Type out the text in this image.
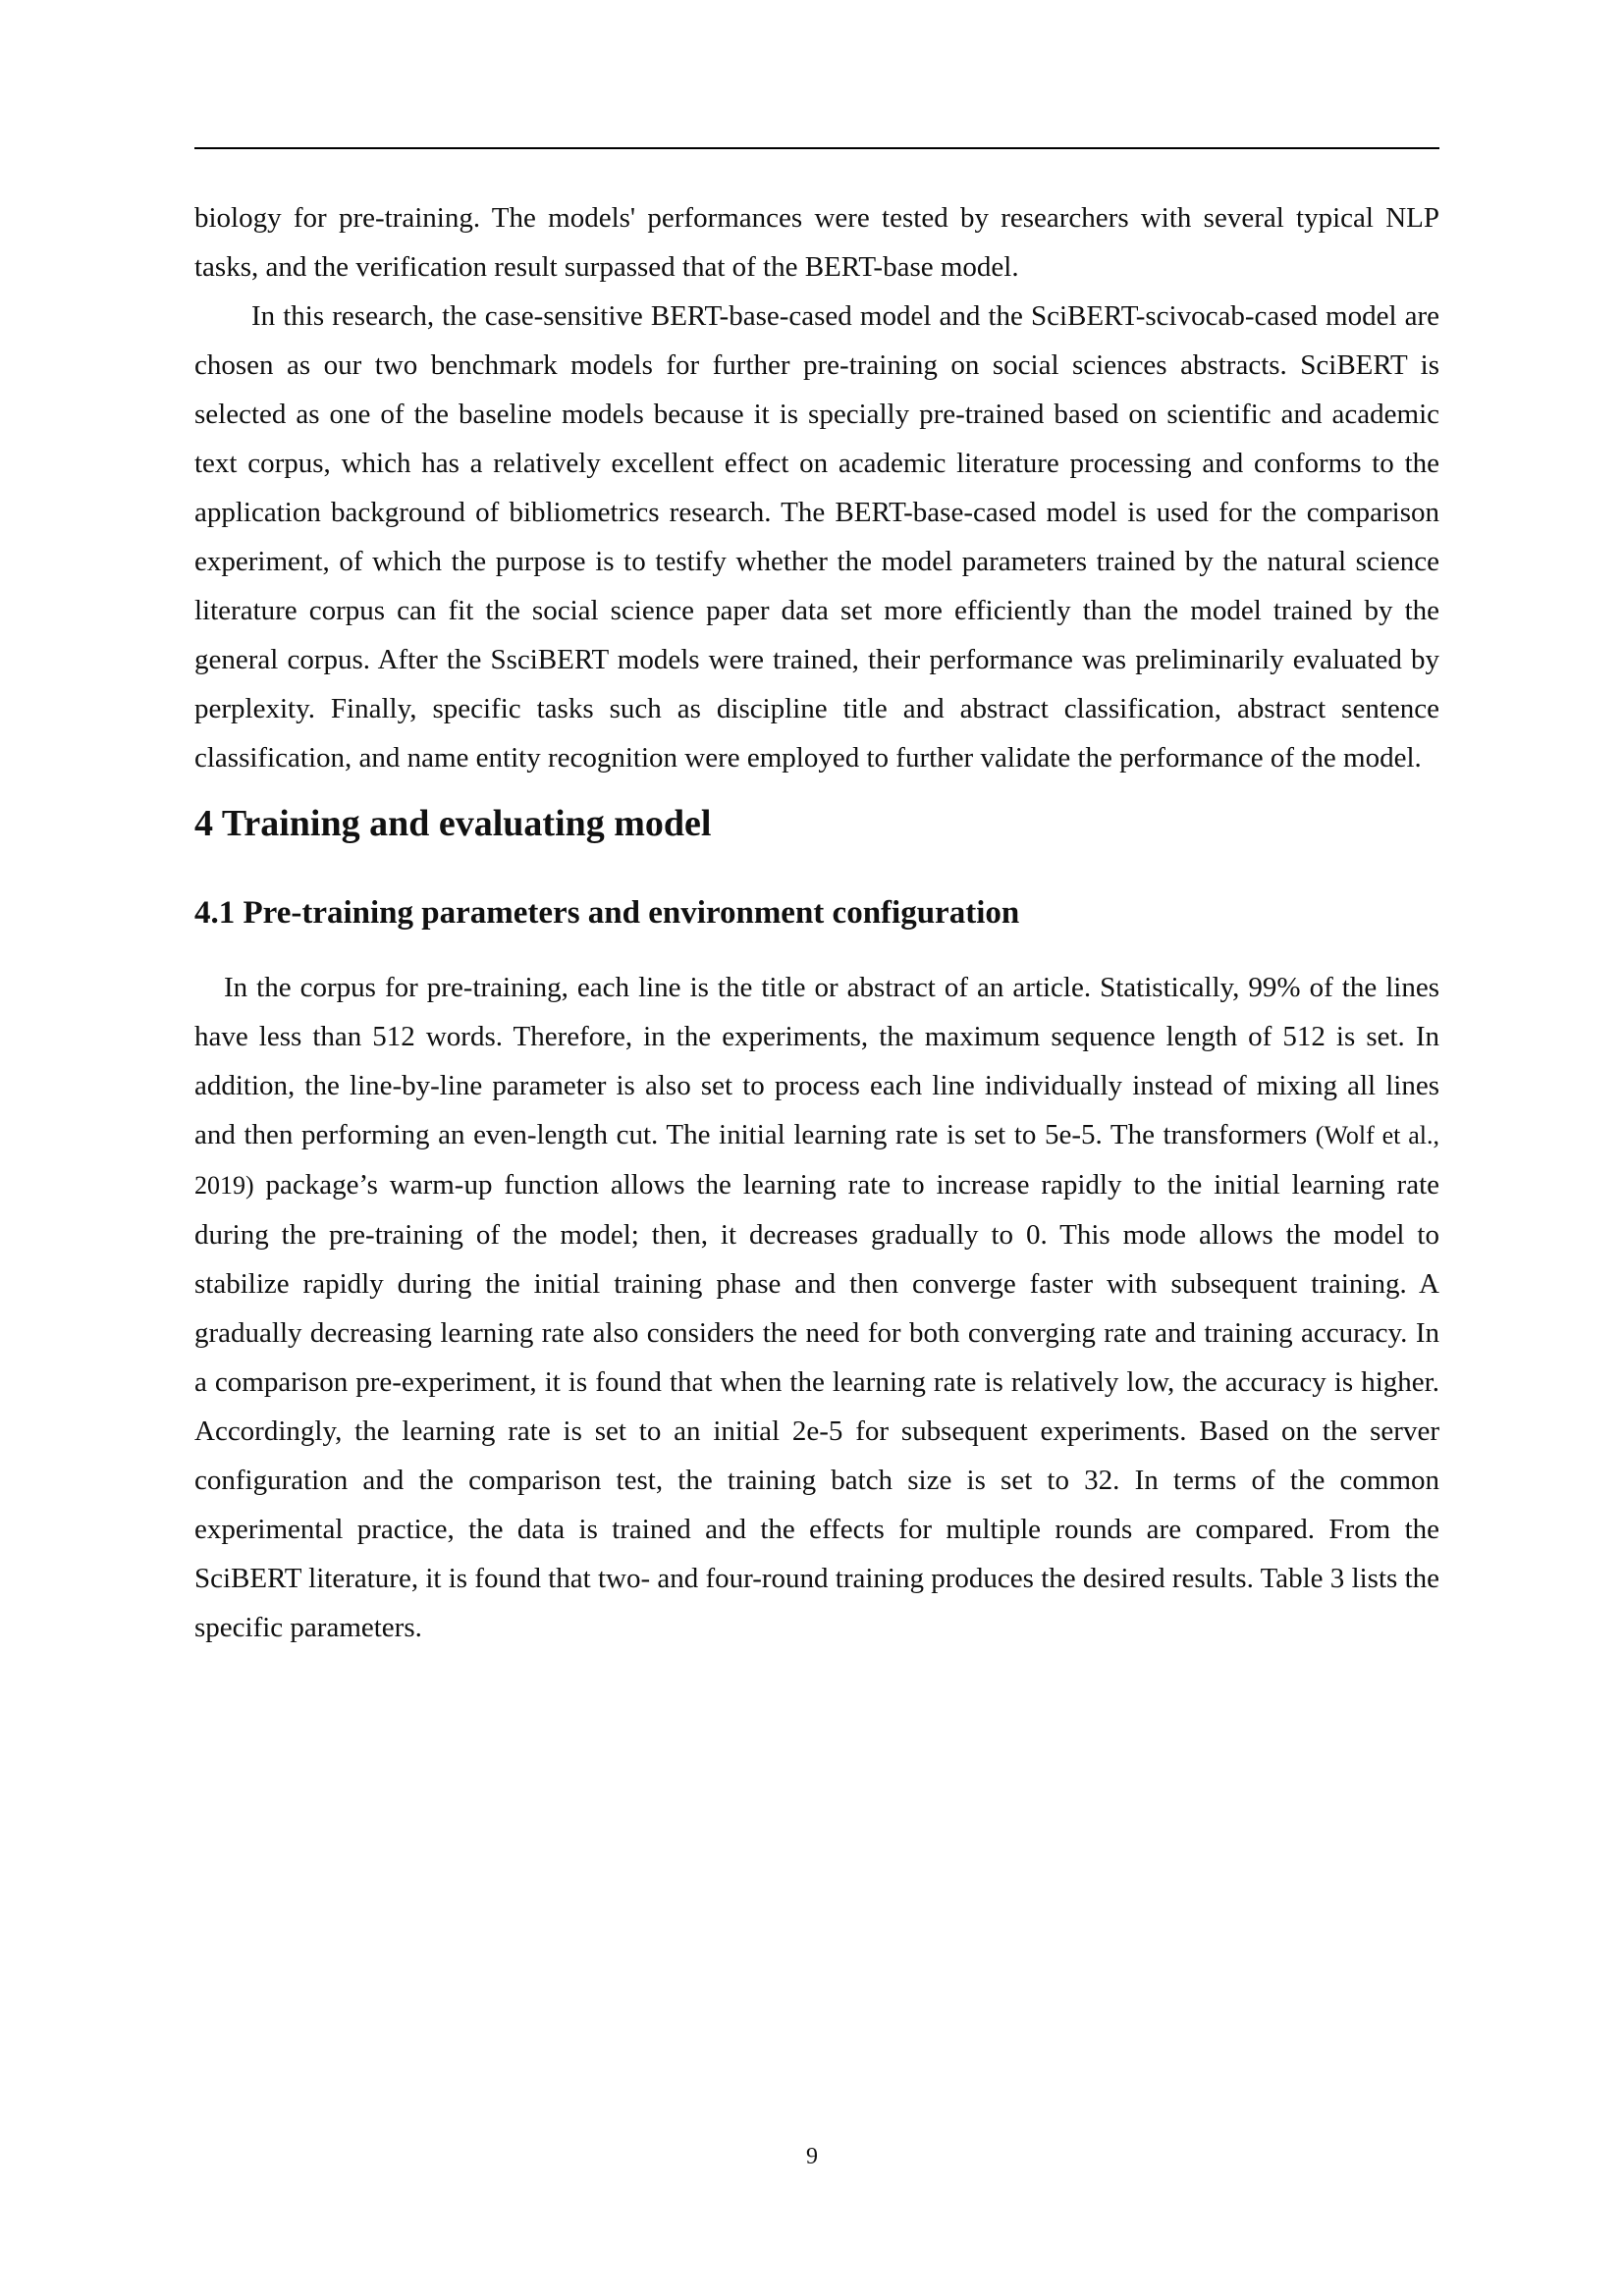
biology for pre-training. The models' performances were tested by researchers with several typical NLP tasks, and the verification result surpassed that of the BERT-base model.

In this research, the case-sensitive BERT-base-cased model and the SciBERT-scivocab-cased model are chosen as our two benchmark models for further pre-training on social sciences abstracts. SciBERT is selected as one of the baseline models because it is specially pre-trained based on scientific and academic text corpus, which has a relatively excellent effect on academic literature processing and conforms to the application background of bibliometrics research. The BERT-base-cased model is used for the comparison experiment, of which the purpose is to testify whether the model parameters trained by the natural science literature corpus can fit the social science paper data set more efficiently than the model trained by the general corpus. After the SsciBERT models were trained, their performance was preliminarily evaluated by perplexity. Finally, specific tasks such as discipline title and abstract classification, abstract sentence classification, and name entity recognition were employed to further validate the performance of the model.

4 Training and evaluating model
4.1 Pre-training parameters and environment configuration

In the corpus for pre-training, each line is the title or abstract of an article. Statistically, 99% of the lines have less than 512 words. Therefore, in the experiments, the maximum sequence length of 512 is set. In addition, the line-by-line parameter is also set to process each line individually instead of mixing all lines and then performing an even-length cut. The initial learning rate is set to 5e-5. The transformers (Wolf et al., 2019) package’s warm-up function allows the learning rate to increase rapidly to the initial learning rate during the pre-training of the model; then, it decreases gradually to 0. This mode allows the model to stabilize rapidly during the initial training phase and then converge faster with subsequent training. A gradually decreasing learning rate also considers the need for both converging rate and training accuracy. In a comparison pre-experiment, it is found that when the learning rate is relatively low, the accuracy is higher. Accordingly, the learning rate is set to an initial 2e-5 for subsequent experiments. Based on the server configuration and the comparison test, the training batch size is set to 32. In terms of the common experimental practice, the data is trained and the effects for multiple rounds are compared. From the SciBERT literature, it is found that two- and four-round training produces the desired results. Table 3 lists the specific parameters.

9
